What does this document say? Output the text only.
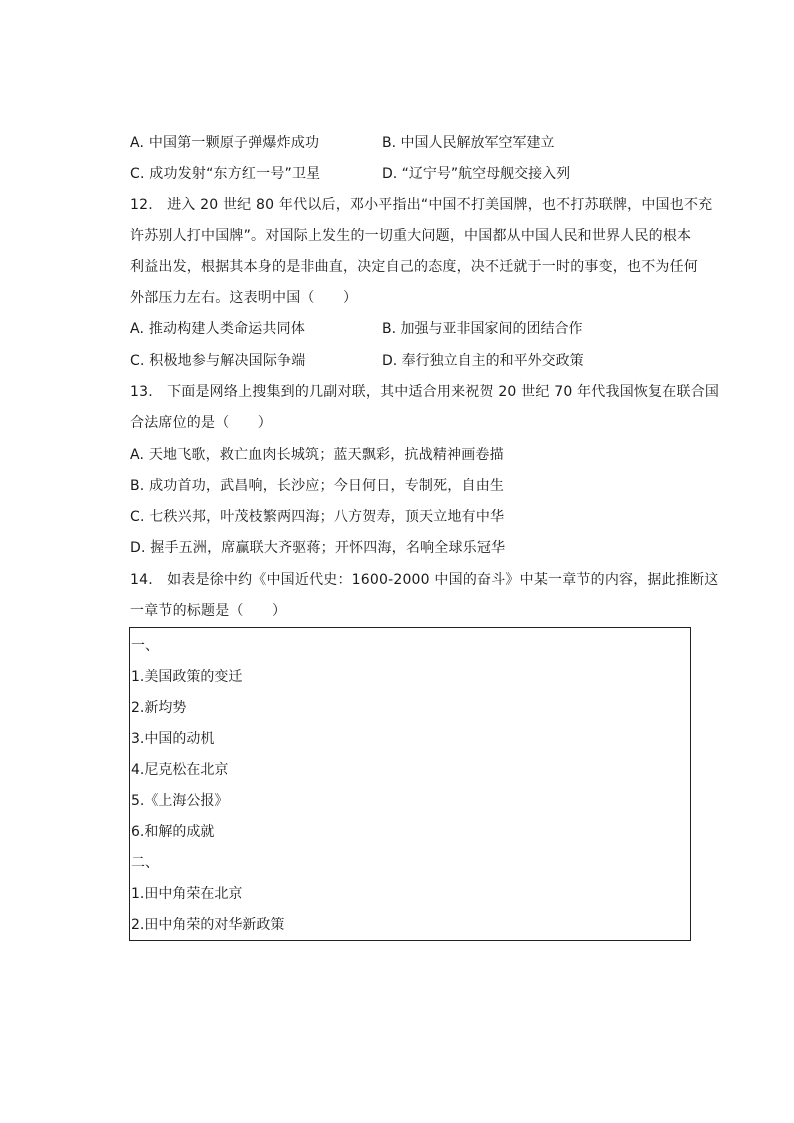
A. 中国第一颗原子弹爆炸成功	B. 中国人民解放军空军建立
C. 成功发射“东方红一号”卫星	D. “辽宁号”航空母舰交接入列
12.　进入 20 世纪 80 年代以后，邓小平指出“中国不打美国牌，也不打苏联牌，中国也不充
许苏别人打中国牌”。对国际上发生的一切重大问题，中国都从中国人民和世界人民的根本
利益出发，根据其本身的是非曲直，决定自己的态度，决不迁就于一时的事变，也不为任何
外部压力左右。这表明中国（　　）
A. 推动构建人类命运共同体	B. 加强与亚非国家间的团结合作
C. 积极地参与解决国际争端	D. 奉行独立自主的和平外交政策
13.　下面是网络上搜集到的几副对联，其中适合用来祝贺 20 世纪 70 年代我国恢复在联合国
合法席位的是（　　）
A. 天地飞歌，救亡血肉长城筑；蓝天飘彩，抗战精神画卷描
B. 成功首功，武昌响，长沙应；今日何日，专制死，自由生
C. 七秩兴邦，叶茂枝繁两四海；八方贺寿，顶天立地有中华
D. 握手五洲，席赢联大齐驱蒋；开怀四海，名响全球乐冠华
14.　如表是徐中约《中国近代史：1600-2000 中国的奋斗》中某一章节的内容，据此推断这
一章节的标题是（　　）
一、
1.美国政策的变迁
2.新均势
3.中国的动机
4.尼克松在北京
5.《上海公报》
6.和解的成就
二、
1.田中角荣在北京
2.田中角荣的对华新政策
